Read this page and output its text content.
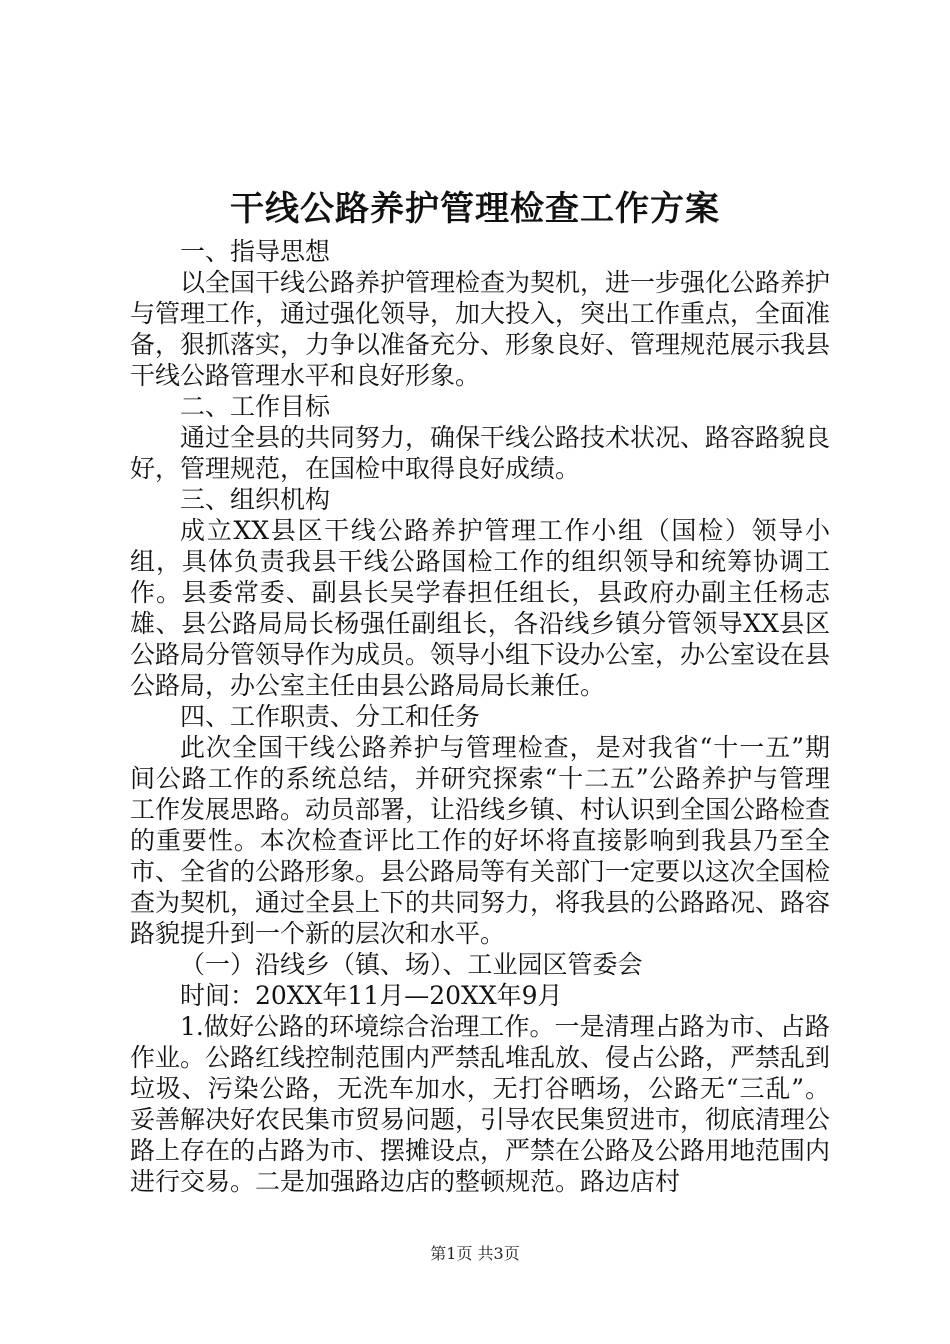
干线公路养护管理检查工作方案

一、指导思想

以全国干线公路养护管理检查为契机，进一步强化公路养护与管理工作，通过强化领导，加大投入，突出工作重点，全面准备，狠抓落实，力争以准备充分、形象良好、管理规范展示我县干线公路管理水平和良好形象。

二、工作目标

通过全县的共同努力，确保干线公路技术状况、路容路貌良好，管理规范，在国检中取得良好成绩。

三、组织机构

成立XX县区干线公路养护管理工作小组（国检）领导小组，具体负责我县干线公路国检工作的组织领导和统筹协调工作。县委常委、副县长吴学春担任组长，县政府办副主任杨志雄、县公路局局长杨强任副组长，各沿线乡镇分管领导XX县区公路局分管领导作为成员。领导小组下设办公室，办公室设在县公路局，办公室主任由县公路局局长兼任。

四、工作职责、分工和任务

此次全国干线公路养护与管理检查，是对我省“十一五”期间公路工作的系统总结，并研究探索“十二五”公路养护与管理工作发展思路。动员部署，让沿线乡镇、村认识到全国公路检查的重要性。本次检查评比工作的好坏将直接影响到我县乃至全市、全省的公路形象。县公路局等有关部门一定要以这次全国检查为契机，通过全县上下的共同努力，将我县的公路路况、路容路貌提升到一个新的层次和水平。

（一）沿线乡（镇、场）、工业园区管委会

时间：20XX年11月—20XX年9月

1.做好公路的环境综合治理工作。一是清理占路为市、占路作业。公路红线控制范围内严禁乱堆乱放、侵占公路，严禁乱到垃圾、污染公路，无洗车加水，无打谷晒场，公路无“三乱”。妥善解决好农民集市贸易问题，引导农民集贸进市，彻底清理公路上存在的占路为市、摆摊设点，严禁在公路及公路用地范围内进行交易。二是加强路边店的整顿规范。路边店村

第1页 共3页
